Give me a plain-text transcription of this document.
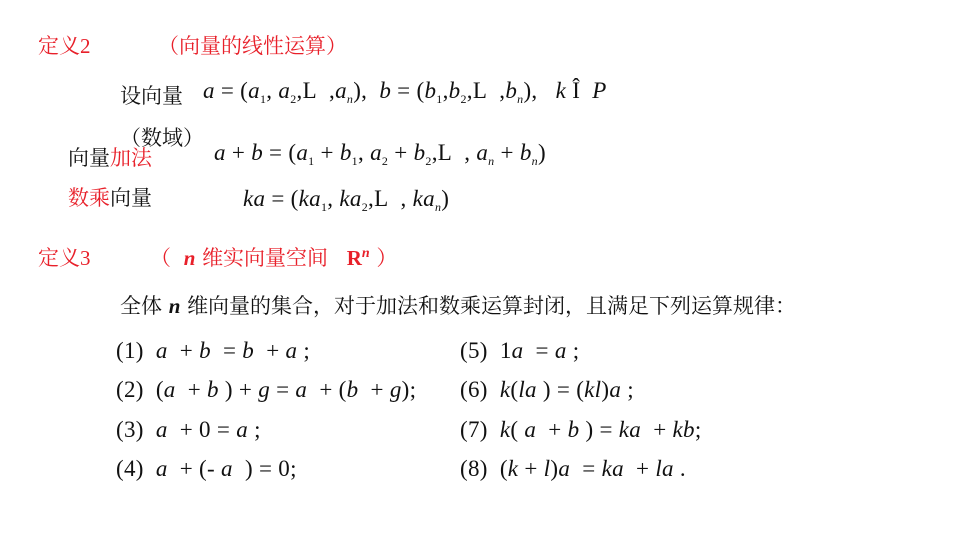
定义2	（向量的线性运算）
设向量 $a = (a_1$, $a_2,L$  $,a_n$),  $b = (b_1,b_2,L$  $,b_n$),   k Î  P
（数域）
向量加法	$a + b = (a_1 + b_1$, $a_2 + b_2,L$  , $a_n + b_n$)
数乘向量	ka = ($ka_1$, $ka_2,L$  , $ka_n$)
定义3	（ n 维实向量空间 $R^n$ ）
全体 n 维向量的集合，对于加法和数乘运算封闭，且满足下列运算规律：
(1) a  + b  = b  + a ;
(2)  (a  + b ) + g = a  + (b  + g);
(3) a  + 0 = a ;
(4) a  + (- a  ) = 0;
(5)  1a  = a ;
(6) k(la ) = (kl)a ;
(7) k( a  + b ) = ka  + kb;
(8)  (k + l)a  = ka  + la .
